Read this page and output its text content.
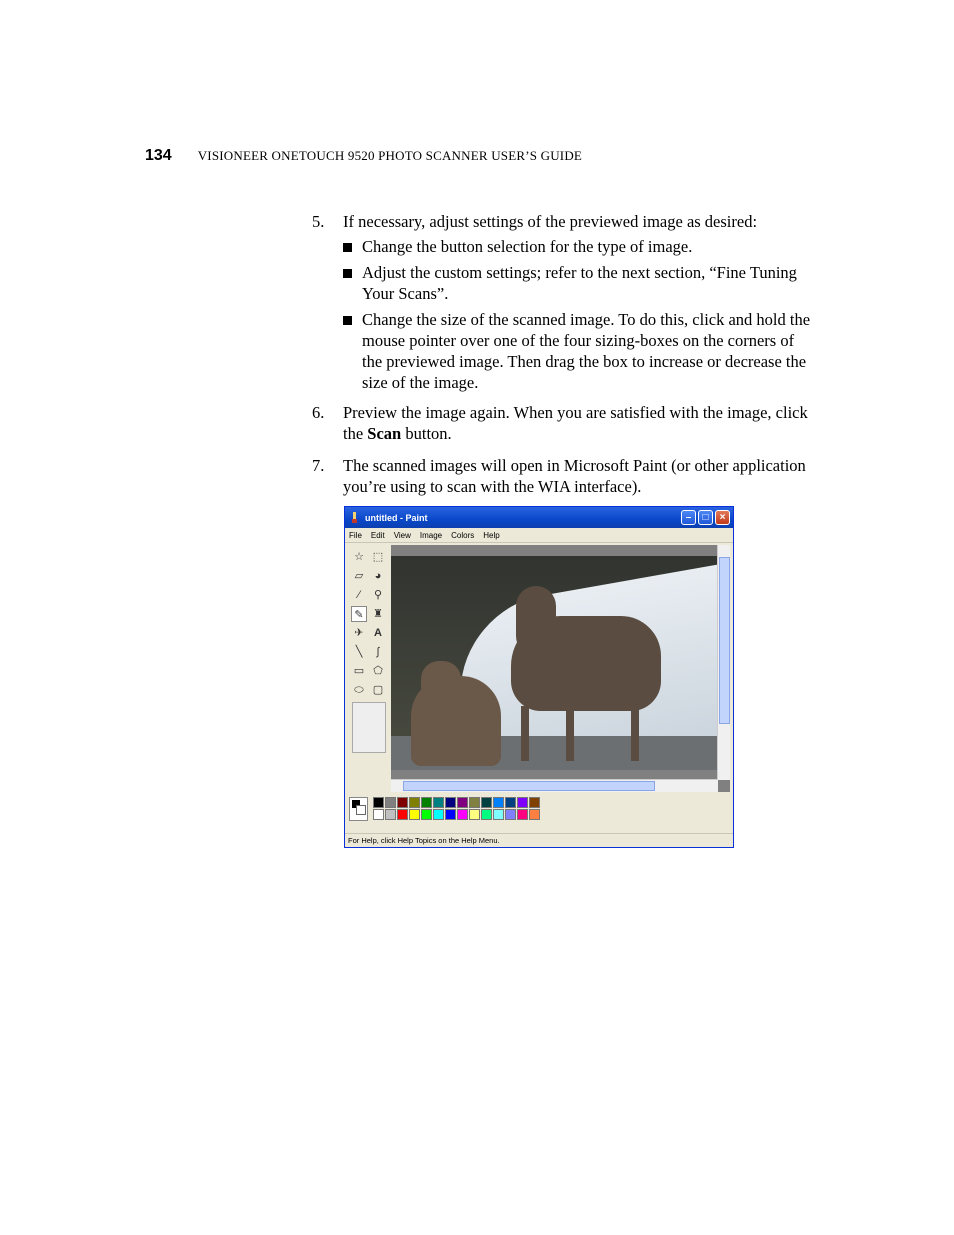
134 VISIONEER ONETOUCH 9520 PHOTO SCANNER USER’S GUIDE
5. If necessary, adjust settings of the previewed image as desired:
Change the button selection for the type of image.
Adjust the custom settings; refer to the next section, “Fine Tuning Your Scans”.
Change the size of the scanned image. To do this, click and hold the mouse pointer over one of the four sizing-boxes on the corners of the previewed image. Then drag the box to increase or decrease the size of the image.
6. Preview the image again. When you are satisfied with the image, click the Scan button.
7. The scanned images will open in Microsoft Paint (or other application you’re using to scan with the WIA interface).
untitled - Paint	–	□	×
File Edit View Image Colors Help
☆ ⬚
▱	◕
⁄	⚲
✎ ♜
✈ Α
╲	∫
▭ ⬠
⬭ ▢
For Help, click Help Topics on the Help Menu.
